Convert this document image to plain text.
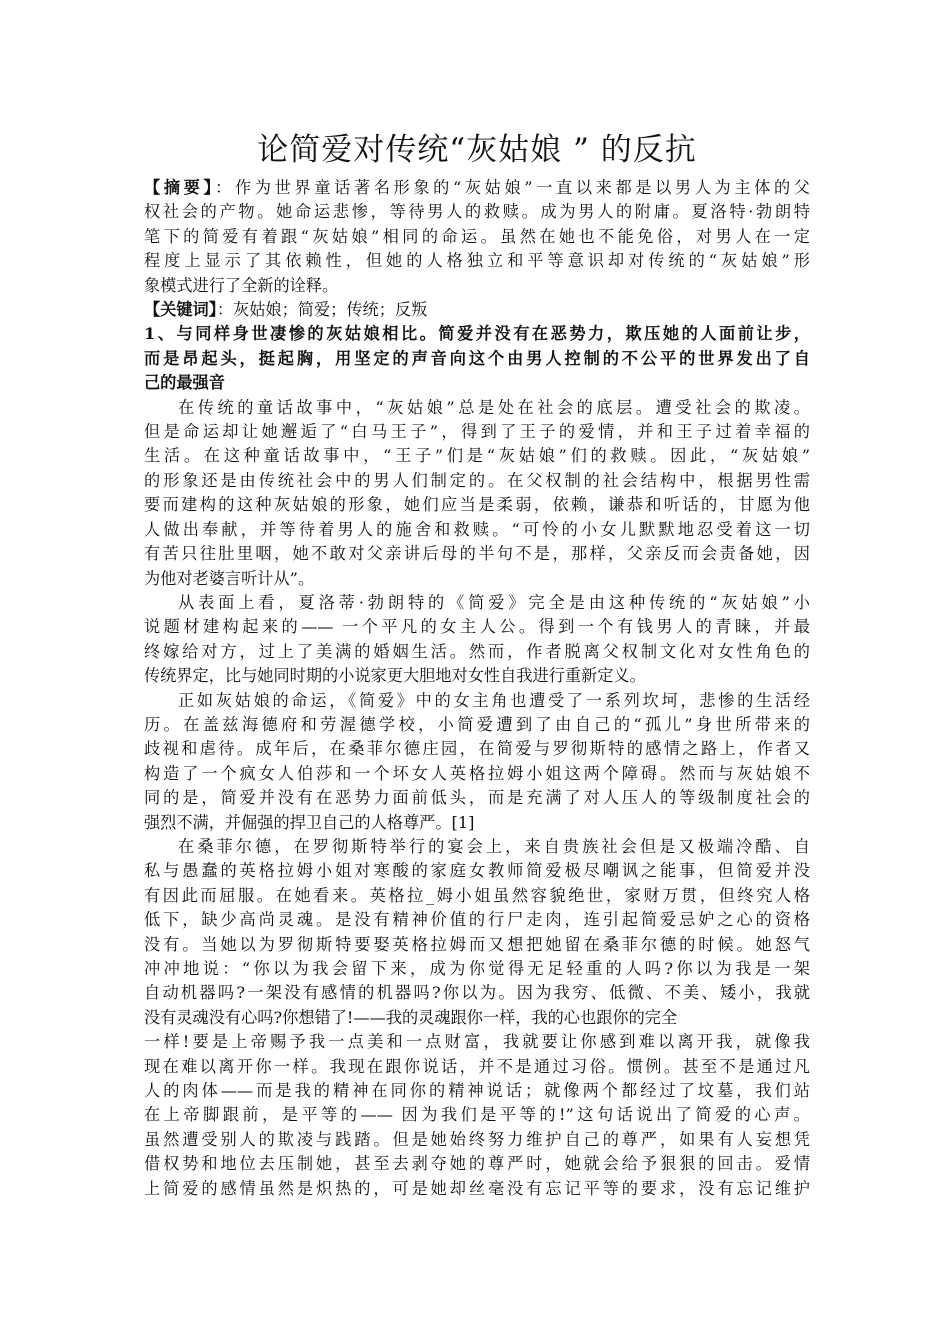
论简爱对传统“灰姑娘 ” 的反抗
【摘要】：作为世界童话著名形象的“灰姑娘”一直以来都是以男人为主体的父
权社会的产物。她命运悲惨，等待男人的救赎。成为男人的附庸。夏洛特·勃朗特
笔下的简爱有着跟“灰姑娘”相同的命运。虽然在她也不能免俗，对男人在一定
程度上显示了其依赖性，但她的人格独立和平等意识却对传统的“灰姑娘”形
象模式进行了全新的诠释。
【关键词】：灰姑娘；简爱；传统；反叛
1、与同样身世凄惨的灰姑娘相比。简爱并没有在恶势力，欺压她的人面前让步，
而是昂起头，挺起胸，用坚定的声音向这个由男人控制的不公平的世界发出了自
己的最强音
在传统的童话故事中，“灰姑娘”总是处在社会的底层。遭受社会的欺凌。
但是命运却让她邂逅了“白马王子”，得到了王子的爱情，并和王子过着幸福的
生活。在这种童话故事中，“王子”们是“灰姑娘”们的救赎。因此，“灰姑娘”
的形象还是由传统社会中的男人们制定的。在父权制的社会结构中，根据男性需
要而建构的这种灰姑娘的形象，她们应当是柔弱，依赖，谦恭和听话的，甘愿为他
人做出奉献，并等待着男人的施舍和救赎。“可怜的小女儿默默地忍受着这一切
有苦只往肚里咽，她不敢对父亲讲后母的半句不是，那样，父亲反而会责备她，因
为他对老婆言听计从”。
从表面上看，夏洛蒂·勃朗特的《简爱》完全是由这种传统的“灰姑娘”小
说题材建构起来的—— 一个平凡的女主人公。得到一个有钱男人的青睐，并最
终嫁给对方，过上了美满的婚姻生活。然而，作者脱离父权制文化对女性角色的
传统界定，比与她同时期的小说家更大胆地对女性自我进行重新定义。
正如灰姑娘的命运，《简爱》中的女主角也遭受了一系列坎坷，悲惨的生活经
历。在盖兹海德府和劳渥德学校，小简爱遭到了由自己的“孤儿”身世所带来的
歧视和虐待。成年后，在桑菲尔德庄园，在简爱与罗彻斯特的感情之路上，作者又
构造了一个疯女人伯莎和一个坏女人英格拉姆小姐这两个障碍。然而与灰姑娘不
同的是，简爱并没有在恶势力面前低头，而是充满了对人压人的等级制度社会的
强烈不满，并倔强的捍卫自己的人格尊严。[1]
在桑菲尔德，在罗彻斯特举行的宴会上，来自贵族社会但是又极端冷酷、自
私与愚蠢的英格拉姆小姐对寒酸的家庭女教师简爱极尽嘲讽之能事，但简爱并没
有因此而屈服。在她看来。英格拉_姆小姐虽然容貌绝世，家财万贯，但终究人格
低下，缺少高尚灵魂。是没有精神价值的行尸走肉，连引起简爱忌妒之心的资格
没有。当她以为罗彻斯特要娶英格拉姆而又想把她留在桑菲尔德的时候。她怒气
冲冲地说：“你以为我会留下来，成为你觉得无足轻重的人吗?你以为我是一架
自动机器吗?一架没有感情的机器吗?你以为。因为我穷、低微、不美、矮小，我就
没有灵魂没有心吗?你想错了!——我的灵魂跟你一样，我的心也跟你的完全
一样!要是上帝赐予我一点美和一点财富，我就要让你感到难以离开我，就像我
现在难以离开你一样。我现在跟你说话，并不是通过习俗。惯例。甚至不是通过凡
人的肉体——而是我的精神在同你的精神说话；就像两个都经过了坟墓，我们站
在上帝脚跟前，是平等的—— 因为我们是平等的!”这句话说出了简爱的心声。
虽然遭受别人的欺凌与践踏。但是她始终努力维护自己的尊严，如果有人妄想凭
借权势和地位去压制她，甚至去剥夺她的尊严时，她就会给予狠狠的回击。爱情
上简爱的感情虽然是炽热的，可是她却丝毫没有忘记平等的要求，没有忘记维护
